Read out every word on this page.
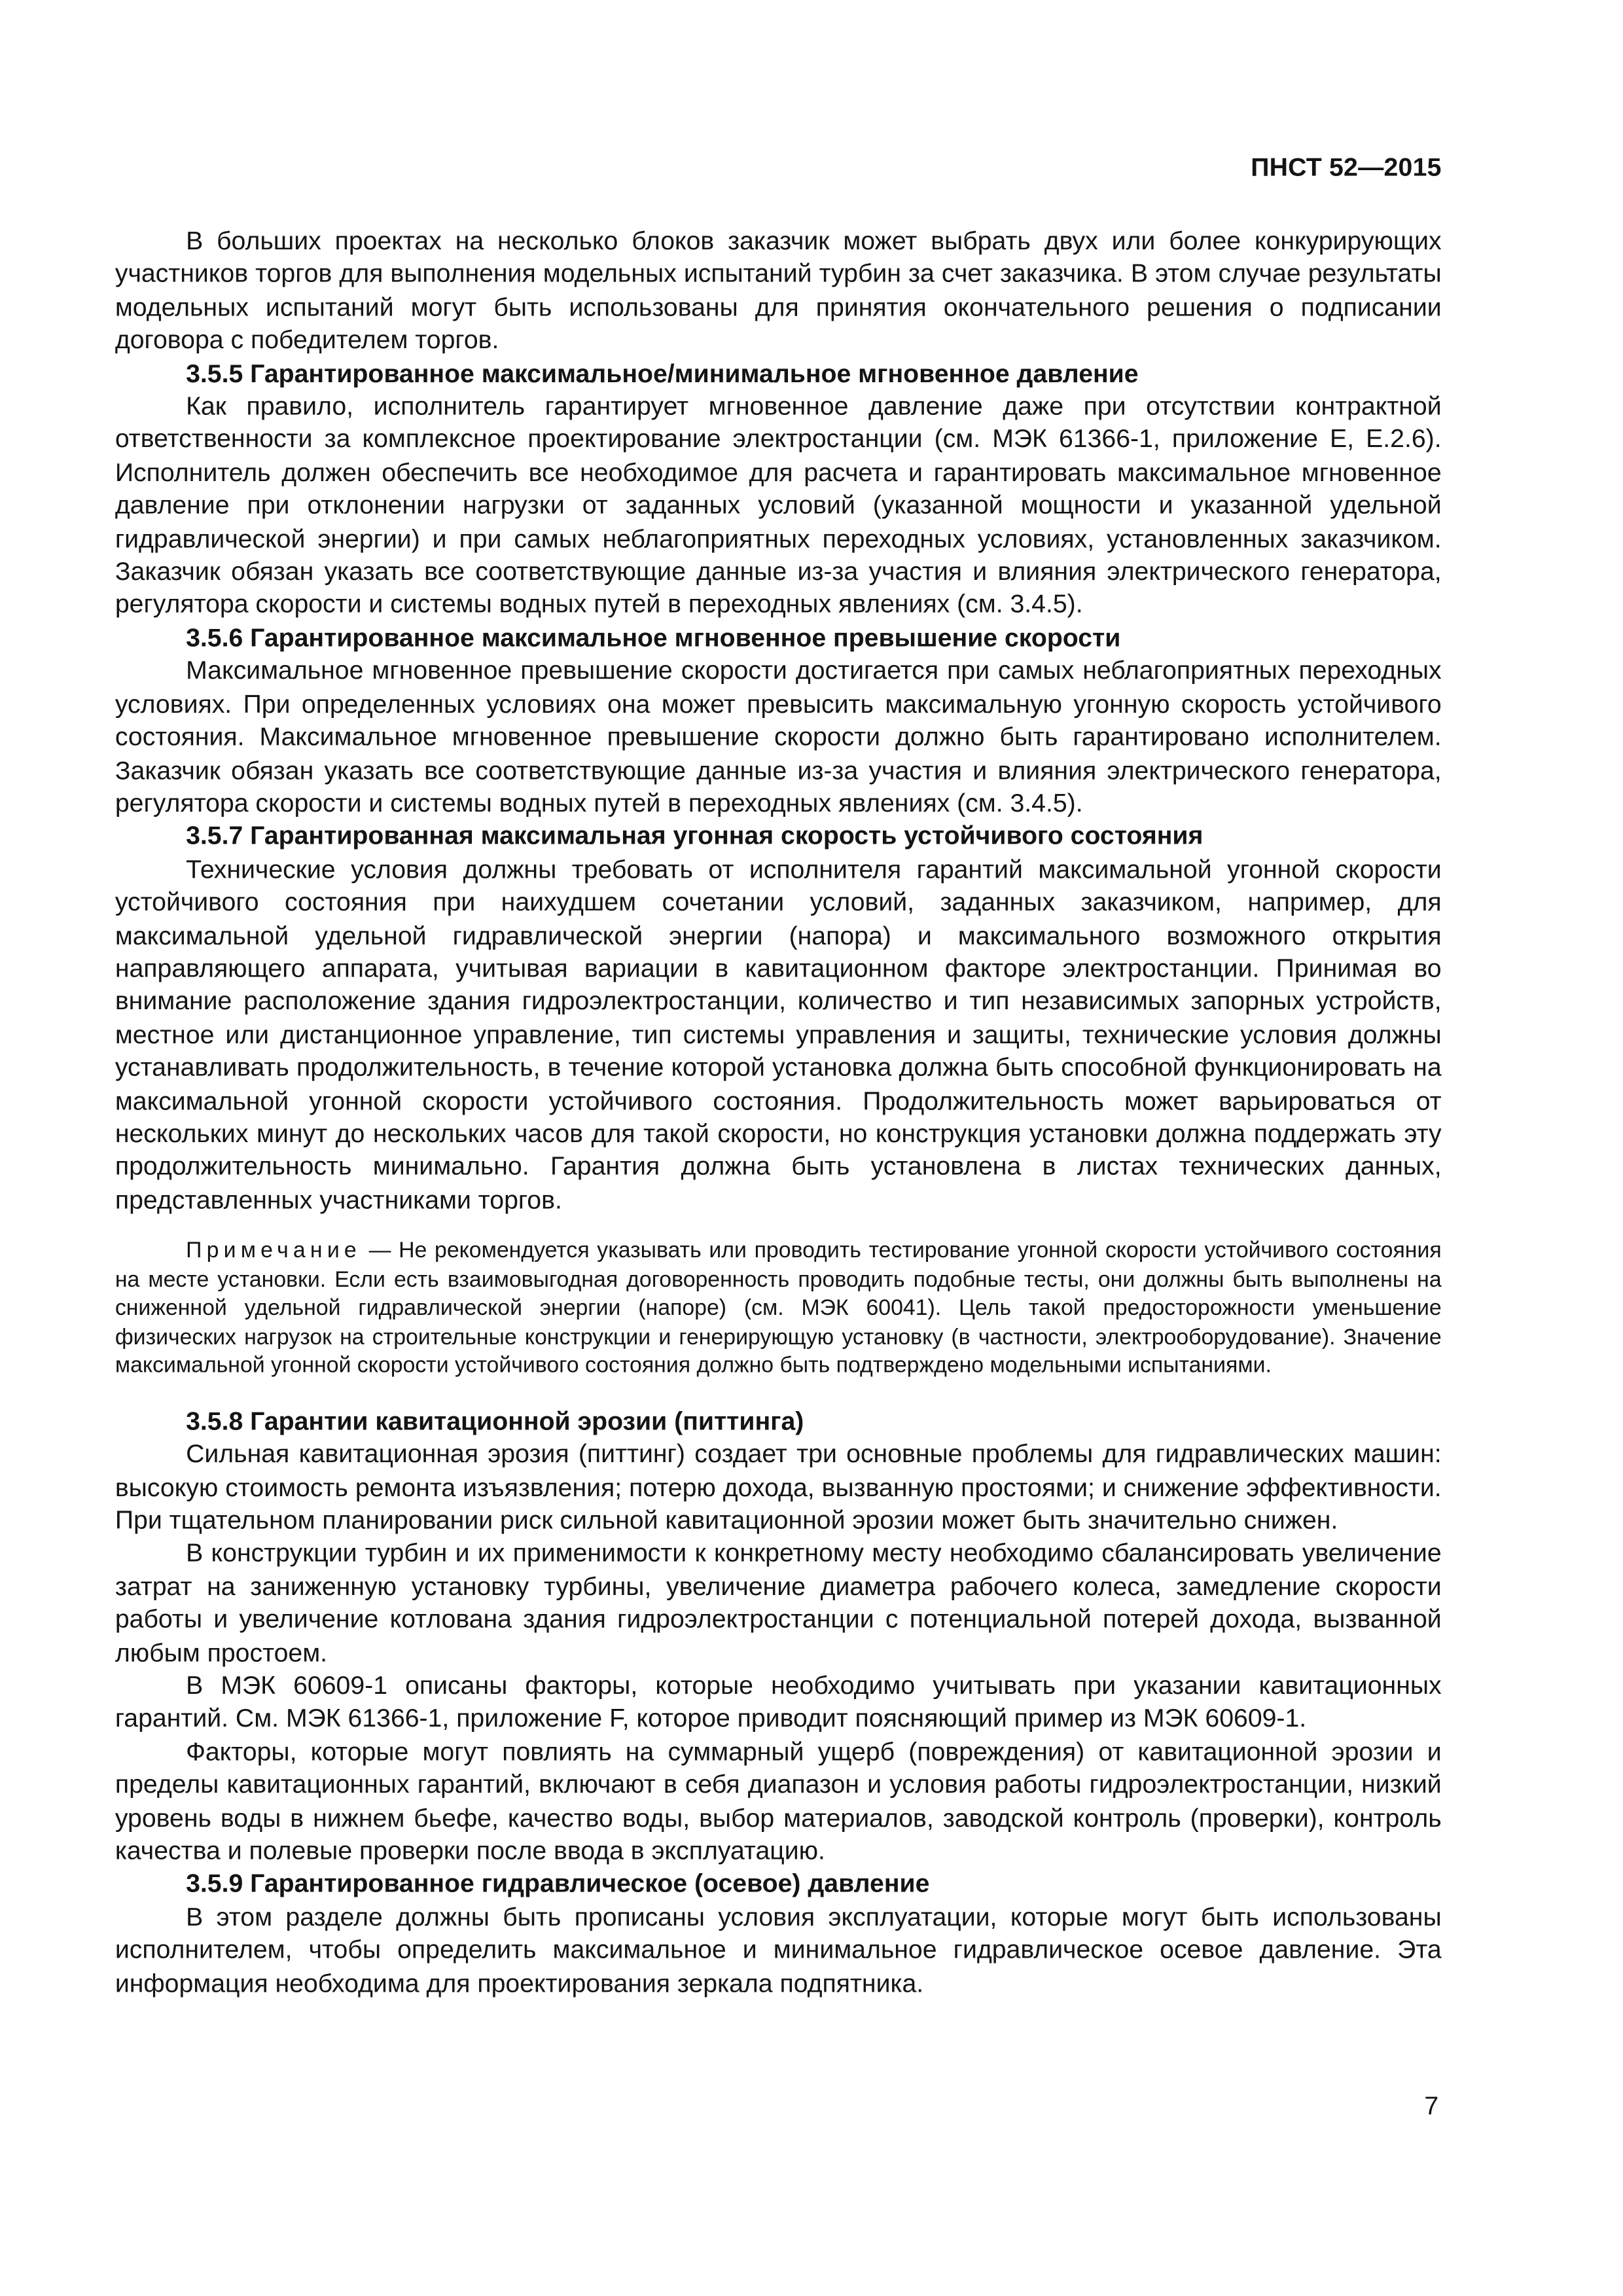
ПНСТ 52—2015

В больших проектах на несколько блоков заказчик может выбрать двух или более конкурирующих участников торгов для выполнения модельных испытаний турбин за счет заказчика. В этом случае результаты модельных испытаний могут быть использованы для принятия окончательного решения о подписании договора с победителем торгов.

3.5.5 Гарантированное максимальное/минимальное мгновенное давление

Как правило, исполнитель гарантирует мгновенное давление даже при отсутствии контрактной ответственности за комплексное проектирование электростанции (см. МЭК 61366-1, приложение Е, Е.2.6). Исполнитель должен обеспечить все необходимое для расчета и гарантировать максимальное мгновенное давление при отклонении нагрузки от заданных условий (указанной мощности и указанной удельной гидравлической энергии) и при самых неблагоприятных переходных условиях, установленных заказчиком. Заказчик обязан указать все соответствующие данные из-за участия и влияния электрического генератора, регулятора скорости и системы водных путей в переходных явлениях (см. 3.4.5).

3.5.6 Гарантированное максимальное мгновенное превышение скорости

Максимальное мгновенное превышение скорости достигается при самых неблагоприятных переходных условиях. При определенных условиях она может превысить максимальную угонную скорость устойчивого состояния. Максимальное мгновенное превышение скорости должно быть гарантировано исполнителем. Заказчик обязан указать все соответствующие данные из-за участия и влияния электрического генератора, регулятора скорости и системы водных путей в переходных явлениях (см. 3.4.5).

3.5.7 Гарантированная максимальная угонная скорость устойчивого состояния

Технические условия должны требовать от исполнителя гарантий максимальной угонной скорости устойчивого состояния при наихудшем сочетании условий, заданных заказчиком, например, для максимальной удельной гидравлической энергии (напора) и максимального возможного открытия направляющего аппарата, учитывая вариации в кавитационном факторе электростанции. Принимая во внимание расположение здания гидроэлектростанции, количество и тип независимых запорных устройств, местное или дистанционное управление, тип системы управления и защиты, технические условия должны устанавливать продолжительность, в течение которой установка должна быть способной функционировать на максимальной угонной скорости устойчивого состояния. Продолжительность может варьироваться от нескольких минут до нескольких часов для такой скорости, но конструкция установки должна поддержать эту продолжительность минимально. Гарантия должна быть установлена в листах технических данных, представленных участниками торгов.

Примечание — Не рекомендуется указывать или проводить тестирование угонной скорости устойчивого состояния на месте установки. Если есть взаимовыгодная договоренность проводить подобные тесты, они должны быть выполнены на сниженной удельной гидравлической энергии (напоре) (см. МЭК 60041). Цель такой предосторожности уменьшение физических нагрузок на строительные конструкции и генерирующую установку (в частности, электрооборудование). Значение максимальной угонной скорости устойчивого состояния должно быть подтверждено модельными испытаниями.

3.5.8 Гарантии кавитационной эрозии (питтинга)

Сильная кавитационная эрозия (питтинг) создает три основные проблемы для гидравлических машин: высокую стоимость ремонта изъязвления; потерю дохода, вызванную простоями; и снижение эффективности. При тщательном планировании риск сильной кавитационной эрозии может быть значительно снижен.

В конструкции турбин и их применимости к конкретному месту необходимо сбалансировать увеличение затрат на заниженную установку турбины, увеличение диаметра рабочего колеса, замедление скорости работы и увеличение котлована здания гидроэлектростанции с потенциальной потерей дохода, вызванной любым простоем.

В МЭК 60609-1 описаны факторы, которые необходимо учитывать при указании кавитационных гарантий. См. МЭК 61366-1, приложение F, которое приводит поясняющий пример из МЭК 60609-1.

Факторы, которые могут повлиять на суммарный ущерб (повреждения) от кавитационной эрозии и пределы кавитационных гарантий, включают в себя диапазон и условия работы гидроэлектростанции, низкий уровень воды в нижнем бьефе, качество воды, выбор материалов, заводской контроль (проверки), контроль качества и полевые проверки после ввода в эксплуатацию.

3.5.9 Гарантированное гидравлическое (осевое) давление

В этом разделе должны быть прописаны условия эксплуатации, которые могут быть использованы исполнителем, чтобы определить максимальное и минимальное гидравлическое осевое давление. Эта информация необходима для проектирования зеркала подпятника.

7
